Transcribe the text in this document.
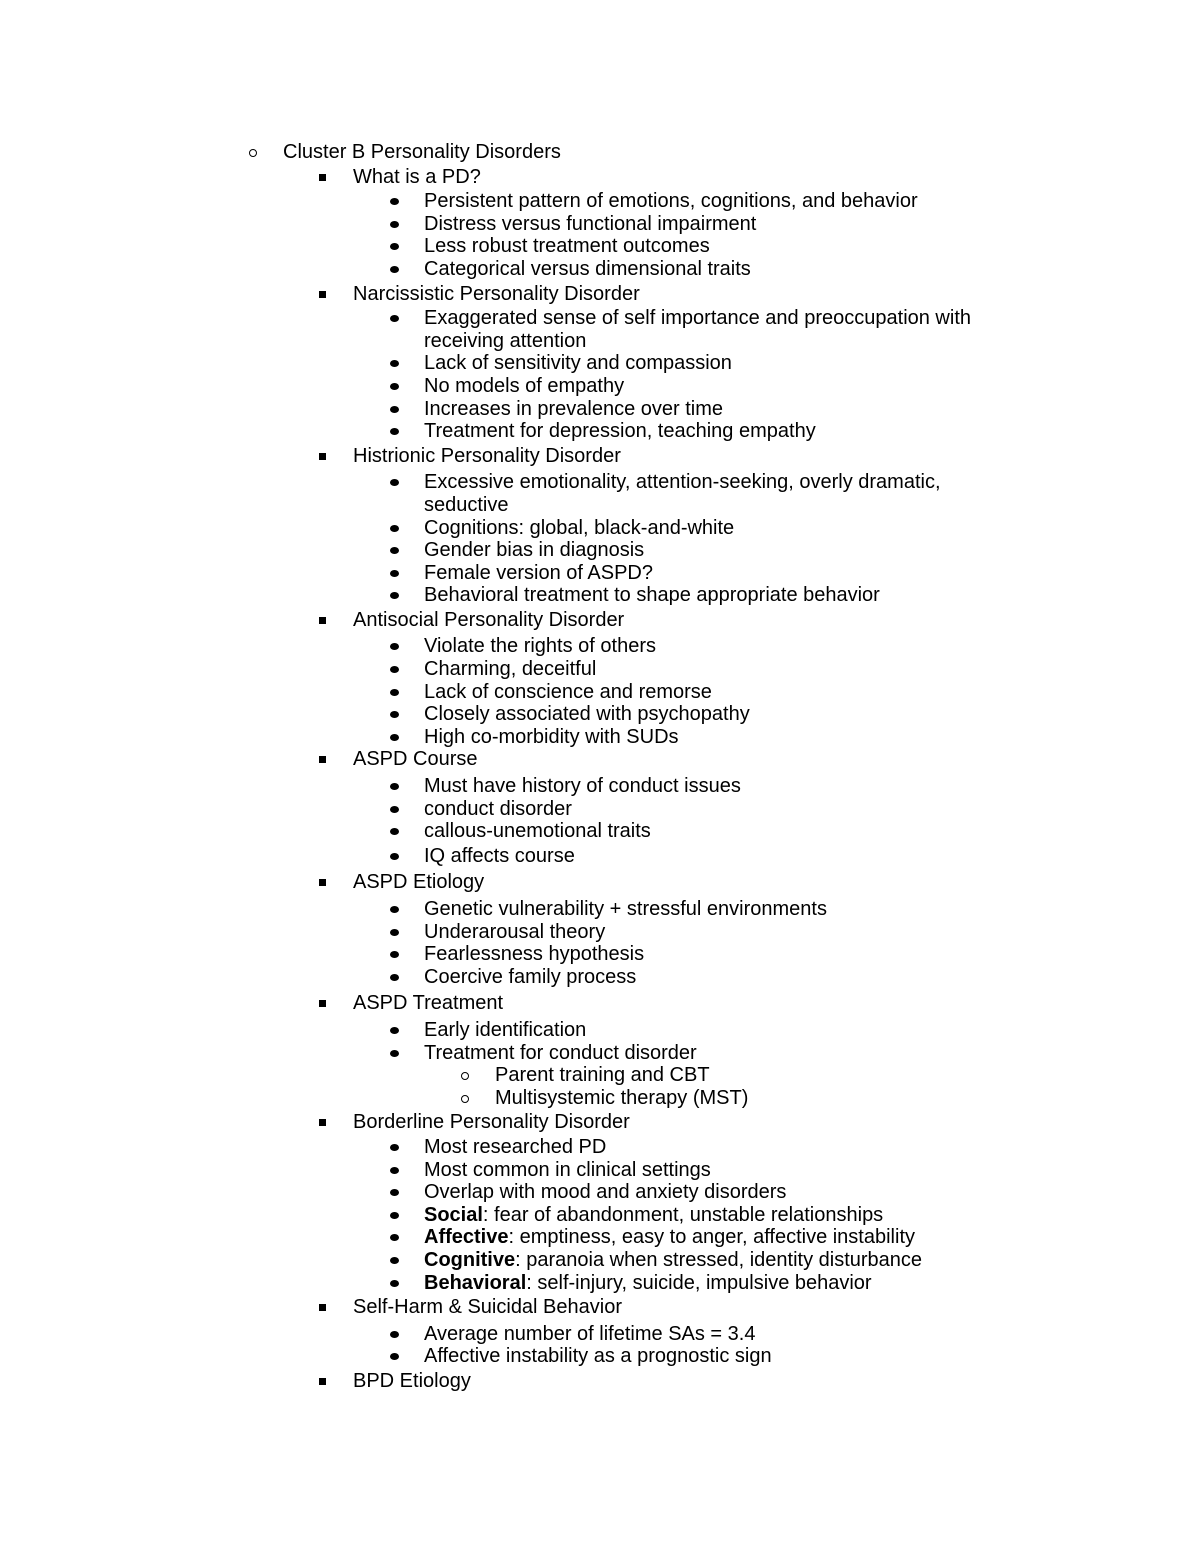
Cluster B Personality Disorders
What is a PD?
Persistent pattern of emotions, cognitions, and behavior
Distress versus functional impairment
Less robust treatment outcomes
Categorical versus dimensional traits
Narcissistic Personality Disorder
Exaggerated sense of self importance and preoccupation with receiving attention
Lack of sensitivity and compassion
No models of empathy
Increases in prevalence over time
Treatment for depression, teaching empathy
Histrionic Personality Disorder
Excessive emotionality, attention-seeking, overly dramatic, seductive
Cognitions: global, black-and-white
Gender bias in diagnosis
Female version of ASPD?
Behavioral treatment to shape appropriate behavior
Antisocial Personality Disorder
Violate the rights of others
Charming, deceitful
Lack of conscience and remorse
Closely associated with psychopathy
High co-morbidity with SUDs
ASPD Course
Must have history of conduct issues
conduct disorder
callous-unemotional traits
IQ affects course
ASPD Etiology
Genetic vulnerability + stressful environments
Underarousal theory
Fearlessness hypothesis
Coercive family process
ASPD Treatment
Early identification
Treatment for conduct disorder
Parent training and CBT
Multisystemic therapy (MST)
Borderline Personality Disorder
Most researched PD
Most common in clinical settings
Overlap with mood and anxiety disorders
Social: fear of abandonment, unstable relationships
Affective: emptiness, easy to anger, affective instability
Cognitive: paranoia when stressed, identity disturbance
Behavioral: self-injury, suicide, impulsive behavior
Self-Harm & Suicidal Behavior
Average number of lifetime SAs = 3.4
Affective instability as a prognostic sign
BPD Etiology
